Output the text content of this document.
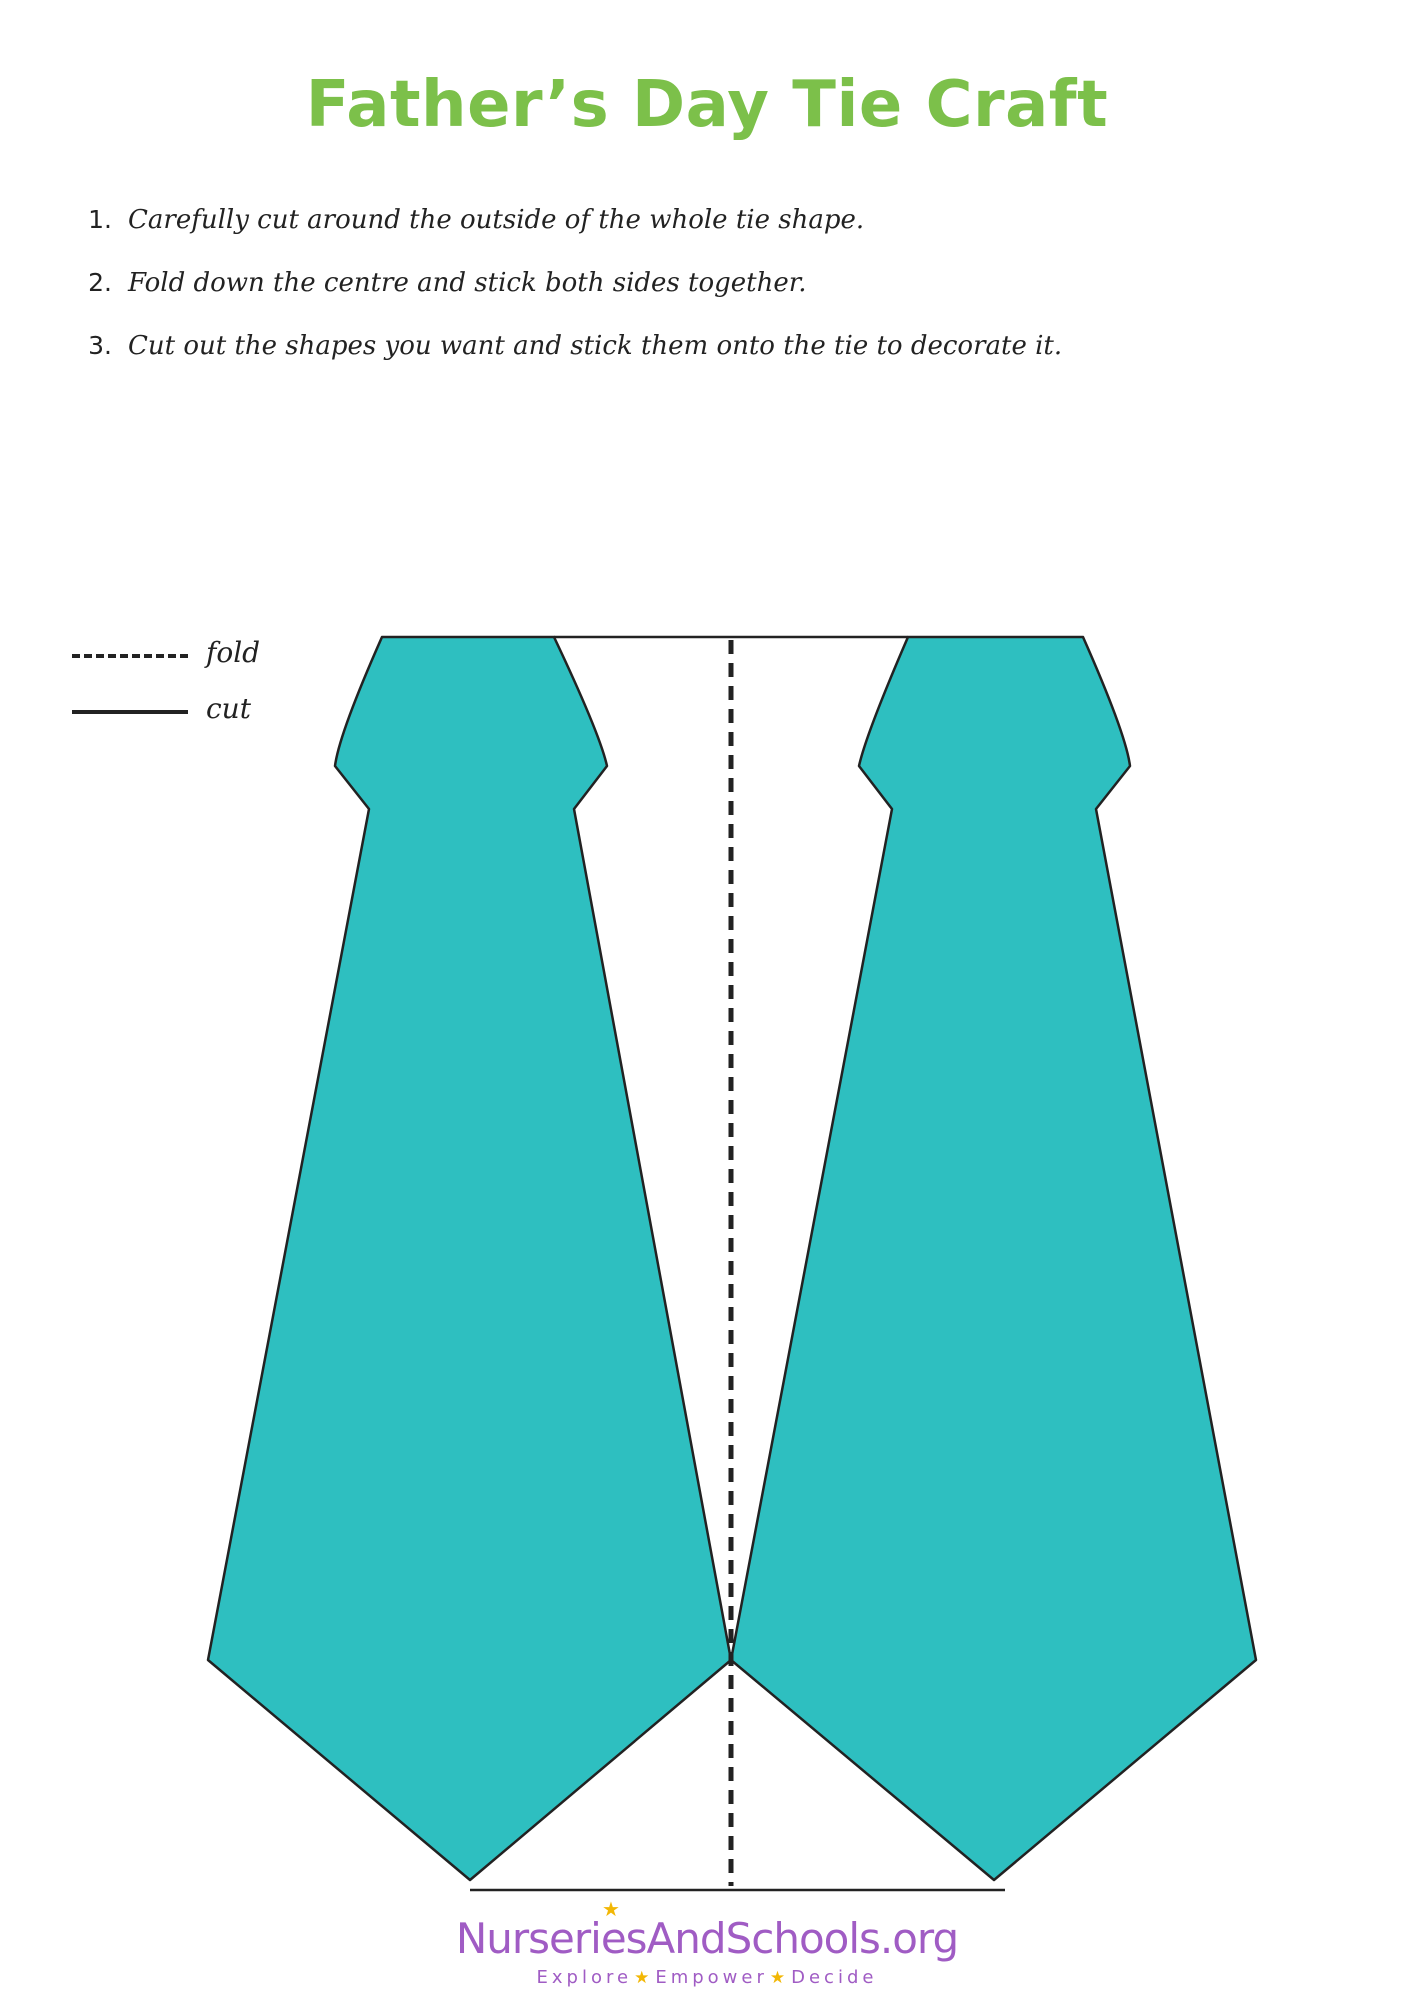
Father’s Day Tie Craft
1. Carefully cut around the outside of the whole tie shape.
2. Fold down the centre and stick both sides together.
3. Cut out the shapes you want and stick them onto the tie to decorate it.
fold
cut
★
NurseriesAndSchools.org
Explore ★ Empower ★ Decide
